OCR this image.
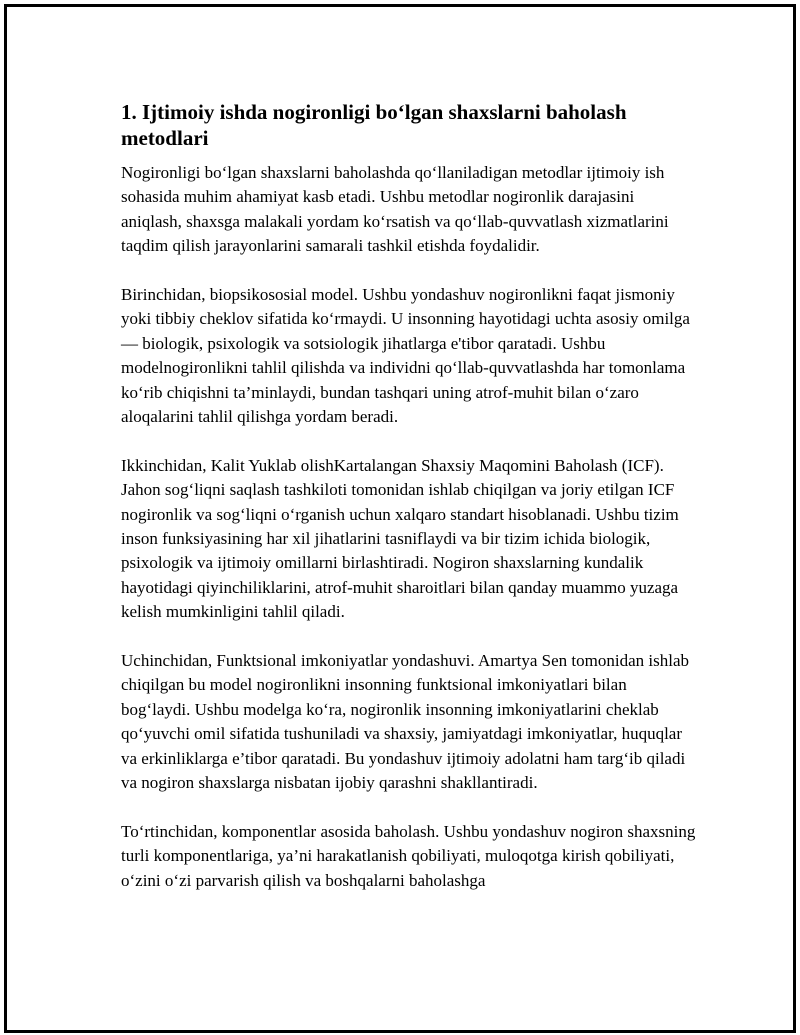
1. Ijtimoiy ishda nogironligi bo‘lgan shaxslarni baholash metodlari

Nogironligi bo‘lgan shaxslarni baholashda qo‘llaniladigan metodlar ijtimoiy ish sohasida muhim ahamiyat kasb etadi. Ushbu metodlar nogironlik darajasini aniqlash, shaxsga malakali yordam ko‘rsatish va qo‘llab-quvvatlash xizmatlarini taqdim qilish jarayonlarini samarali tashkil etishda foydalidir.

Birinchidan, biopsikososial model. Ushbu yondashuv nogironlikni faqat jismoniy yoki tibbiy cheklov sifatida ko‘rmaydi. U insonning hayotidagi uchta asosiy omilga — biologik, psixologik va sotsiologik jihatlarga e'tibor qaratadi. Ushbu modelnogironlikni tahlil qilishda va individni qo‘llab-quvvatlashda har tomonlama ko‘rib chiqishni ta’minlaydi, bundan tashqari uning atrof-muhit bilan o‘zaro aloqalarini tahlil qilishga yordam beradi.

Ikkinchidan, Kalit Yuklab olishKartalangan Shaxsiy Maqomini Baholash (ICF). Jahon sog‘liqni saqlash tashkiloti tomonidan ishlab chiqilgan va joriy etilgan ICF nogironlik va sog‘liqni o‘rganish uchun xalqaro standart hisoblanadi. Ushbu tizim inson funksiyasining har xil jihatlarini tasniflaydi va bir tizim ichida biologik, psixologik va ijtimoiy omillarni birlashtiradi. Nogiron shaxslarning kundalik hayotidagi qiyinchiliklarini, atrof-muhit sharoitlari bilan qanday muammo yuzaga kelish mumkinligini tahlil qiladi.

Uchinchidan, Funktsional imkoniyatlar yondashuvi. Amartya Sen tomonidan ishlab chiqilgan bu model nogironlikni insonning funktsional imkoniyatlari bilan bog‘laydi. Ushbu modelga ko‘ra, nogironlik insonning imkoniyatlarini cheklab qo‘yuvchi omil sifatida tushuniladi va shaxsiy, jamiyatdagi imkoniyatlar, huquqlar va erkinliklarga e’tibor qaratadi. Bu yondashuv ijtimoiy adolatni ham targ‘ib qiladi va nogiron shaxslarga nisbatan ijobiy qarashni shakllantiradi.

To‘rtinchidan, komponentlar asosida baholash. Ushbu yondashuv nogiron shaxsning turli komponentlariga, ya’ni harakatlanish qobiliyati, muloqotga kirish qobiliyati, o‘zini o‘zi parvarish qilish va boshqalarni baholashga
